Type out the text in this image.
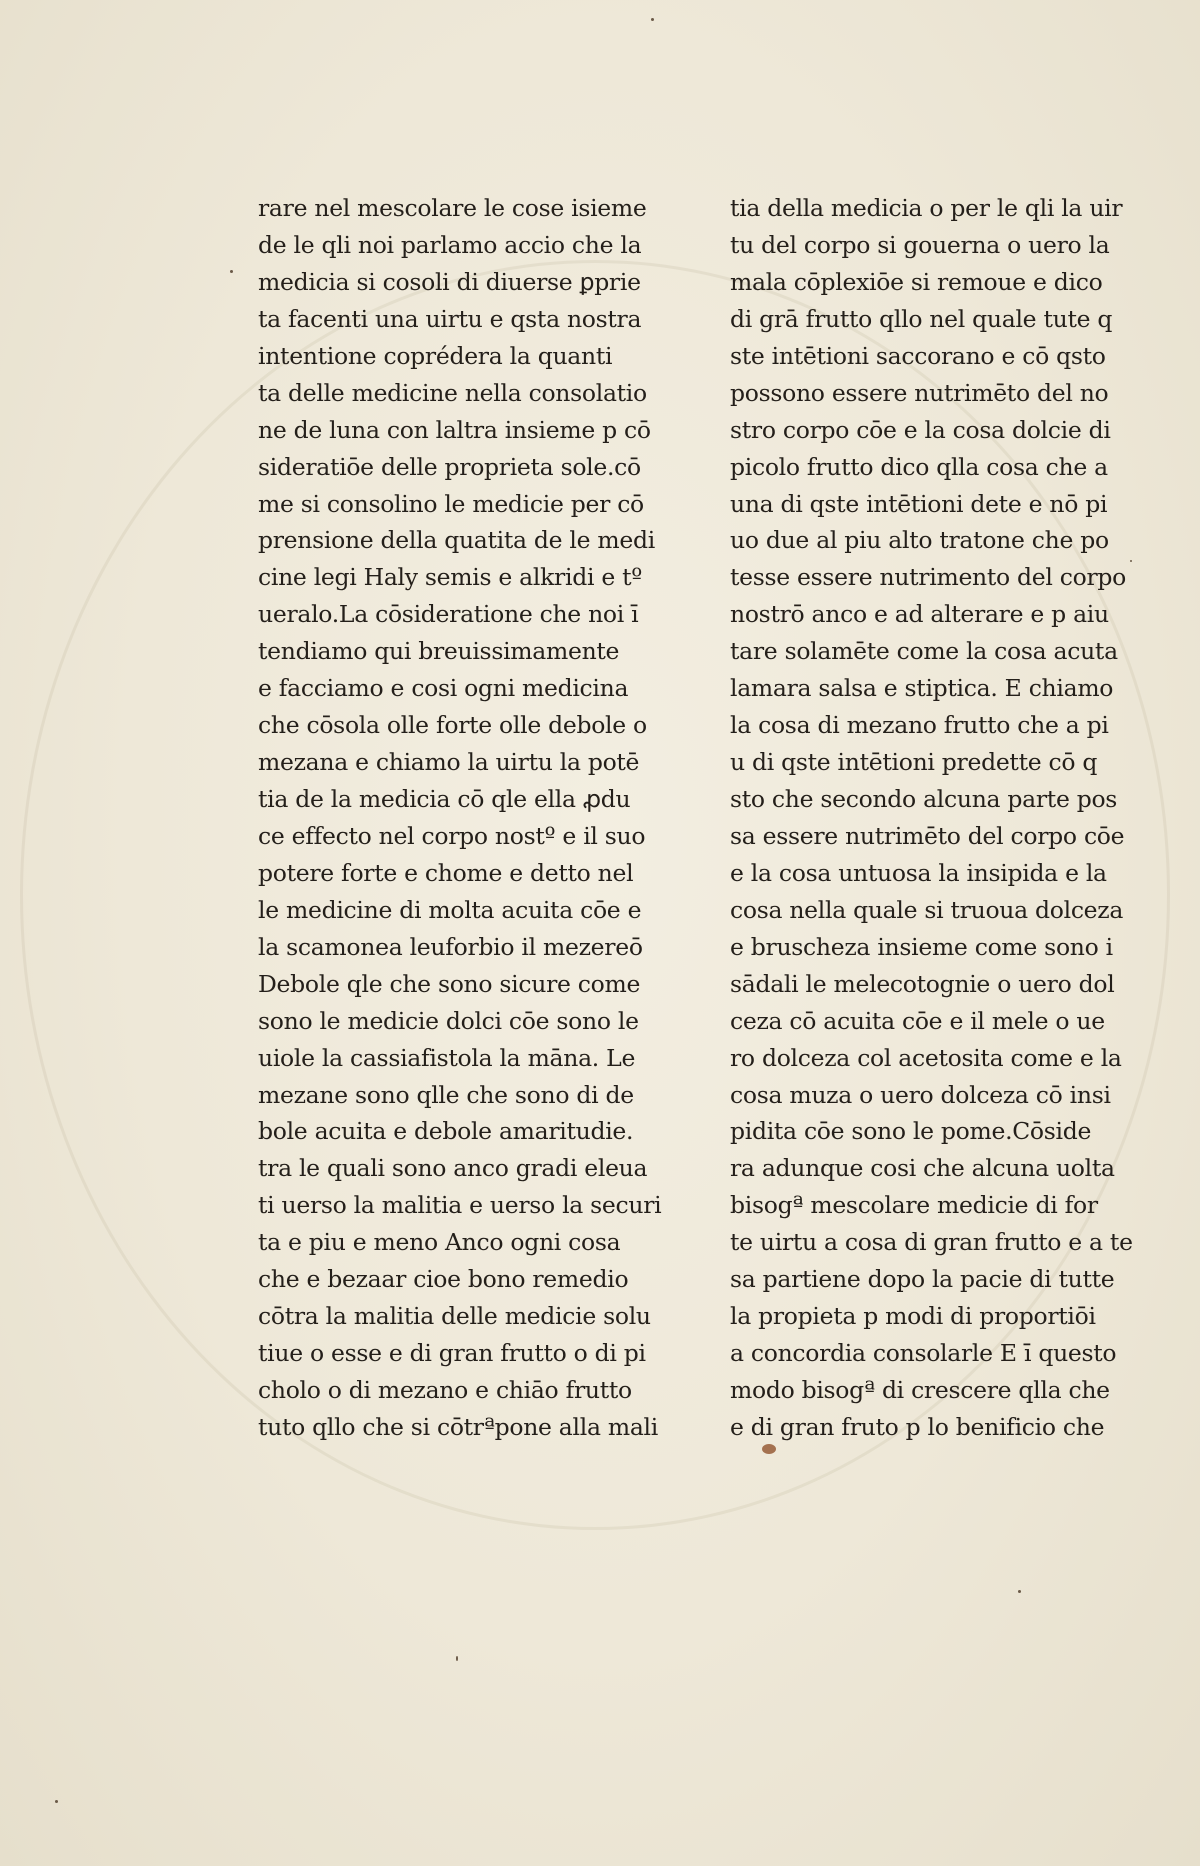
rare nel mescolare le cose isieme
de le qli noi parlamo accio che la
medicia si cosoli di diuerse ꝑprie
ta facenti una uirtu e qsta nostra
intentione coprédera la quanti
ta delle medicine nella consolatio
ne de luna con laltra insieme p cō
sideratiōe delle proprieta sole.cō
me si consolino le medicie per cō
prensione della quatita de le medi
cine legi Haly semis e alkridi e tº
ueralo.La cōsideratione che noi ī
tendiamo qui breuissimamente
e facciamo e cosi ogni medicina
che cōsola olle forte olle debole o
mezana e chiamo la uirtu la potē
tia de la medicia cō qle ella ꝓdu
ce effecto nel corpo nostº e il suo
potere forte e chome e detto nel
le medicine di molta acuita cōe e
la scamonea leuforbio il mezereō
Debole qle che sono sicure come
sono le medicie dolci cōe sono le
uiole la cassiafistola la māna. Le
mezane sono qlle che sono di de
bole acuita e debole amaritudie.
tra le quali sono anco gradi eleua
ti uerso la malitia e uerso la securi
ta e piu e meno Anco ogni cosa
che e bezaar cioe bono remedio
cōtra la malitia delle medicie solu
tiue o esse e di gran frutto o di pi
cholo o di mezano e chiāo frutto
tuto qllo che si cōtrªpone alla mali
tia della medicia o per le qli la uir
tu del corpo si gouerna o uero la
mala cōplexiōe si remoue e dico
di grā frutto qllo nel quale tute q
ste intētioni saccorano e cō qsto
possono essere nutrimēto del no
stro corpo cōe e la cosa dolcie di
picolo frutto dico qlla cosa che a
una di qste intētioni dete e nō pi
uo due al piu alto tratone che po
tesse essere nutrimento del corpo
nostrō anco e ad alterare e p aiu
tare solamēte come la cosa acuta
lamara salsa e stiptica. E chiamo
la cosa di mezano frutto che a pi
u di qste intētioni predette cō q
sto che secondo alcuna parte pos
sa essere nutrimēto del corpo cōe
e la cosa untuosa la insipida e la
cosa nella quale si truoua dolceza
e bruscheza insieme come sono i
sādali le melecotognie o uero dol
ceza cō acuita cōe e il mele o ue
ro dolceza col acetosita come e la
cosa muza o uero dolceza cō insi
pidita cōe sono le pome.Cōside
ra adunque cosi che alcuna uolta
bisogª mescolare medicie di for
te uirtu a cosa di gran frutto e a te
sa partiene dopo la pacie di tutte
la propieta p modi di proportiōi
a concordia consolarle E ī questo
modo bisogª di crescere qlla che
e di gran fruto p lo benificio che
